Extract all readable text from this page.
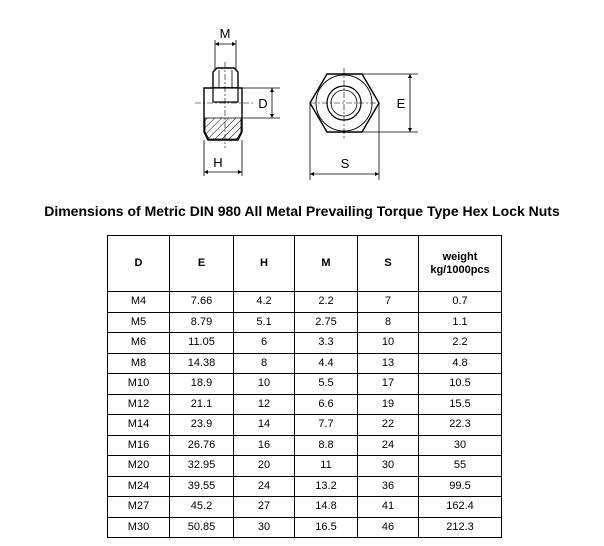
M
D
H
E
S
Dimensions of Metric DIN 980 All Metal Prevailing Torque Type Hex Lock Nuts
D	E	H	M	S	weight
kg/1000pcs
M4	7.66	4.2	2.2	7	0.7
M5	8.79	5.1	2.75	8	1.1
M6	11.05	6	3.3	10	2.2
M8	14.38	8	4.4	13	4.8
M10	18.9	10	5.5	17	10.5
M12	21.1	12	6.6	19	15.5
M14	23.9	14	7.7	22	22.3
M16	26.76	16	8.8	24	30
M20	32.95	20	11	30	55
M24	39.55	24	13.2	36	99.5
M27	45.2	27	14.8	41	162.4
M30	50.85	30	16.5	46	212.3
